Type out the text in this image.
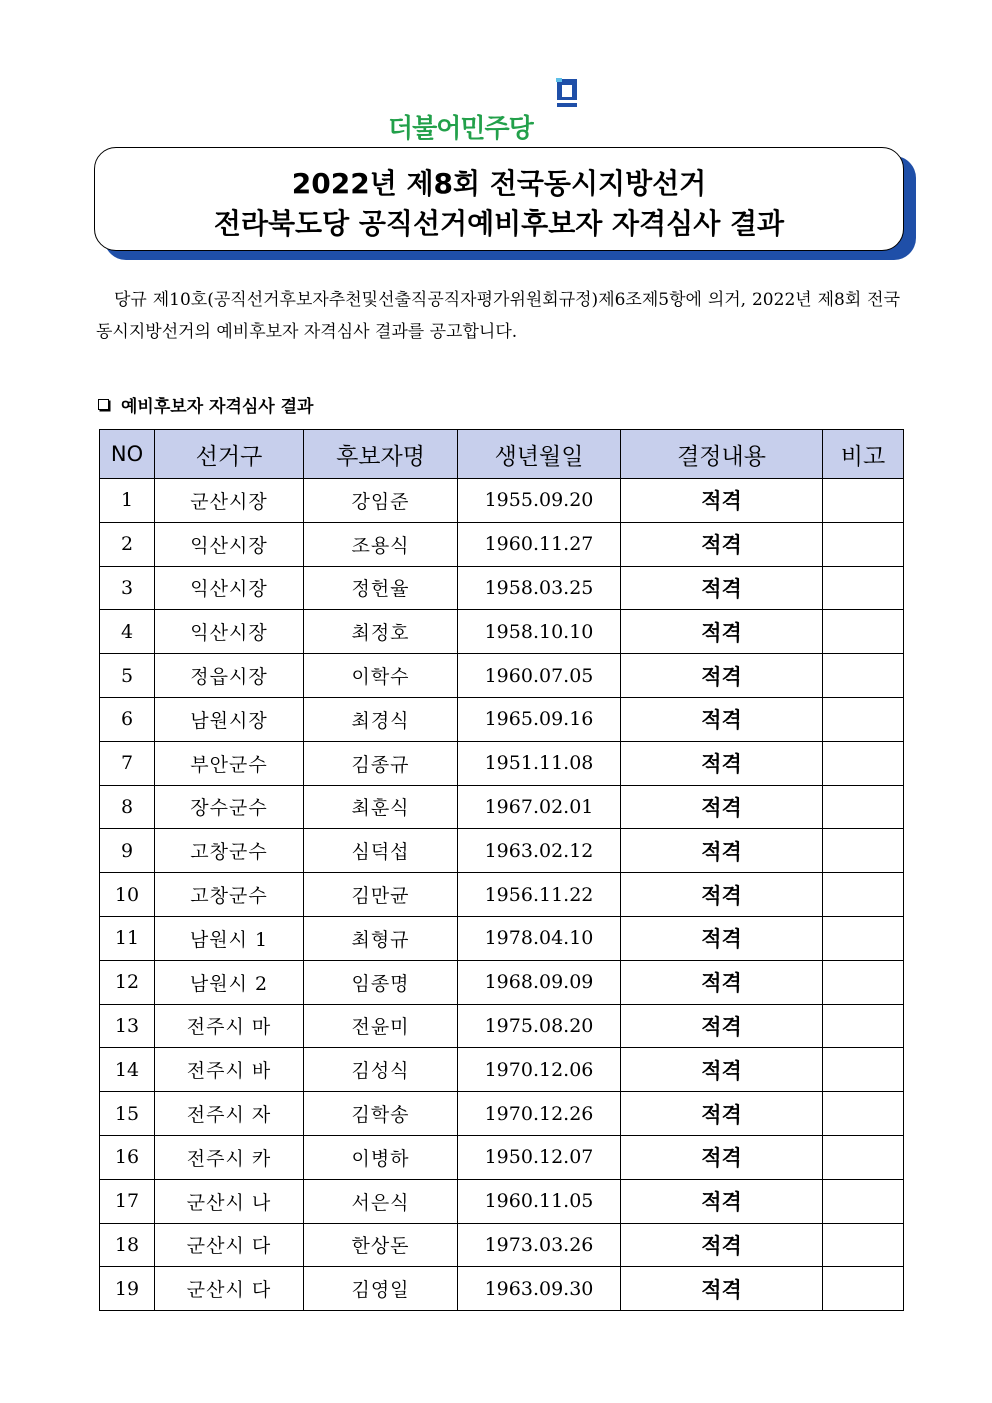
더불어민주당
2022년 제8회 전국동시지방선거
전라북도당 공직선거예비후보자 자격심사 결과
당규 제10호(공직선거후보자추천및선출직공직자평가위원회규정)제6조제5항에 의거, 2022년 제8회 전국동시지방선거의 예비후보자 자격심사 결과를 공고합니다.
예비후보자 자격심사 결과
NO	선거구	후보자명	생년월일	결정내용	비고
1	군산시장	강임준	1955.09.20	적격	
2	익산시장	조용식	1960.11.27	적격	
3	익산시장	정헌율	1958.03.25	적격	
4	익산시장	최정호	1958.10.10	적격	
5	정읍시장	이학수	1960.07.05	적격	
6	남원시장	최경식	1965.09.16	적격	
7	부안군수	김종규	1951.11.08	적격	
8	장수군수	최훈식	1967.02.01	적격	
9	고창군수	심덕섭	1963.02.12	적격	
10	고창군수	김만균	1956.11.22	적격	
11	남원시 1	최형규	1978.04.10	적격	
12	남원시 2	임종명	1968.09.09	적격	
13	전주시 마	전윤미	1975.08.20	적격	
14	전주시 바	김성식	1970.12.06	적격	
15	전주시 자	김학송	1970.12.26	적격	
16	전주시 카	이병하	1950.12.07	적격	
17	군산시 나	서은식	1960.11.05	적격	
18	군산시 다	한상돈	1973.03.26	적격	
19	군산시 다	김영일	1963.09.30	적격	
